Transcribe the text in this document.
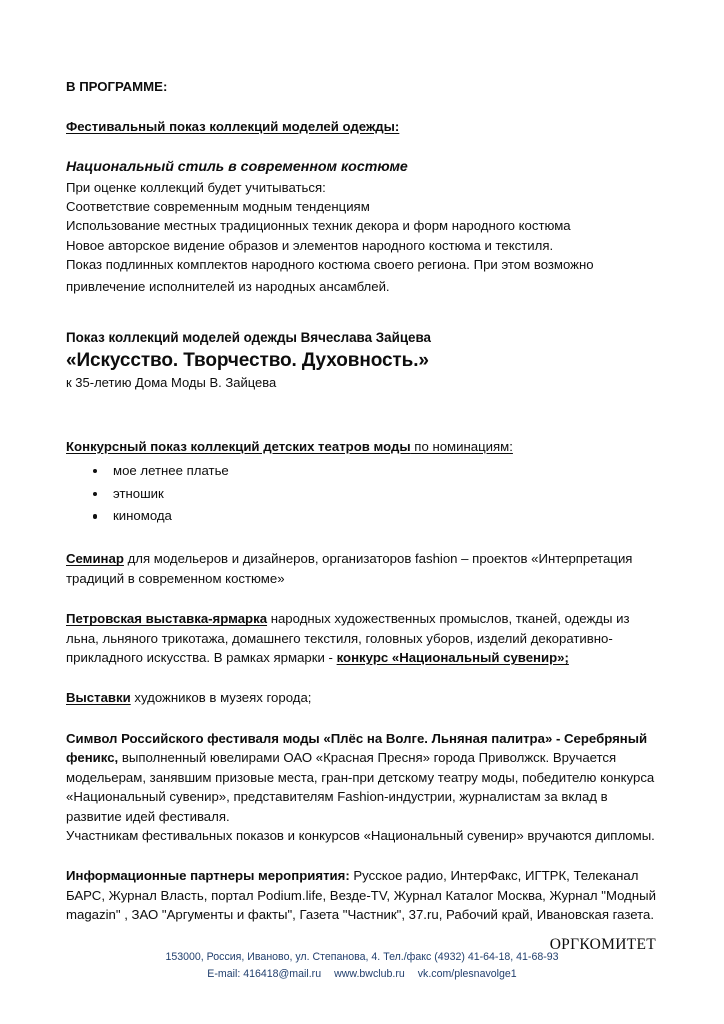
В ПРОГРАММЕ:

Фестивальный показ коллекций моделей одежды:

Национальный стиль в современном костюме

При оценке коллекций будет учитываться:

Соответствие современным модным тенденциям

Использование местных традиционных техник декора и форм народного костюма

Новое авторское видение образов и элементов народного костюма и текстиля.

Показ подлинных комплектов народного костюма своего региона. При этом возможно

привлечение исполнителей из народных ансамблей.

Показ коллекций моделей одежды Вячеслава Зайцева

«Искусство. Творчество. Духовность.»

к 35-летию Дома Моды В. Зайцева

Конкурсный показ коллекций детских театров моды по номинациям:

мое летнее платье
этношик
киномода

Семинар для модельеров и дизайнеров, организаторов fashion – проектов «Интерпретация традиций в современном костюме»

Петровская выставка-ярмарка народных художественных промыслов, тканей, одежды из льна, льняного трикотажа, домашнего текстиля, головных уборов, изделий декоративно-прикладного искусства. В рамках ярмарки - конкурс «Национальный сувенир»;

Выставки художников в музеях города;

Символ Российского фестиваля моды «Плёс на Волге. Льняная палитра» - Серебряный феникс, выполненный ювелирами ОАО «Красная Пресня» города Приволжск. Вручается модельерам, занявшим призовые места, гран-при детскому театру моды, победителю конкурса «Национальный сувенир», представителям Fashion-индустрии, журналистам за вклад в развитие идей фестиваля.

Участникам фестивальных показов и конкурсов «Национальный сувенир» вручаются дипломы.

Информационные партнеры мероприятия: Русское радио, ИнтерФакс, ИГТРК, Телеканал БАРС, Журнал Власть, портал Podium.life, Везде-TV, Журнал Каталог Москва, Журнал "Модный magazin" , ЗАО "Аргументы и факты", Газета "Частник", 37.ru, Рабочий край, Ивановская газета.

ОРГКОМИТЕТ

153000, Россия, Иваново, ул. Степанова, 4. Тел./факс (4932) 41-64-18, 41-68-93

E-mail: 416418@mail.ru www.bwclub.ru vk.com/plesnavolge1
